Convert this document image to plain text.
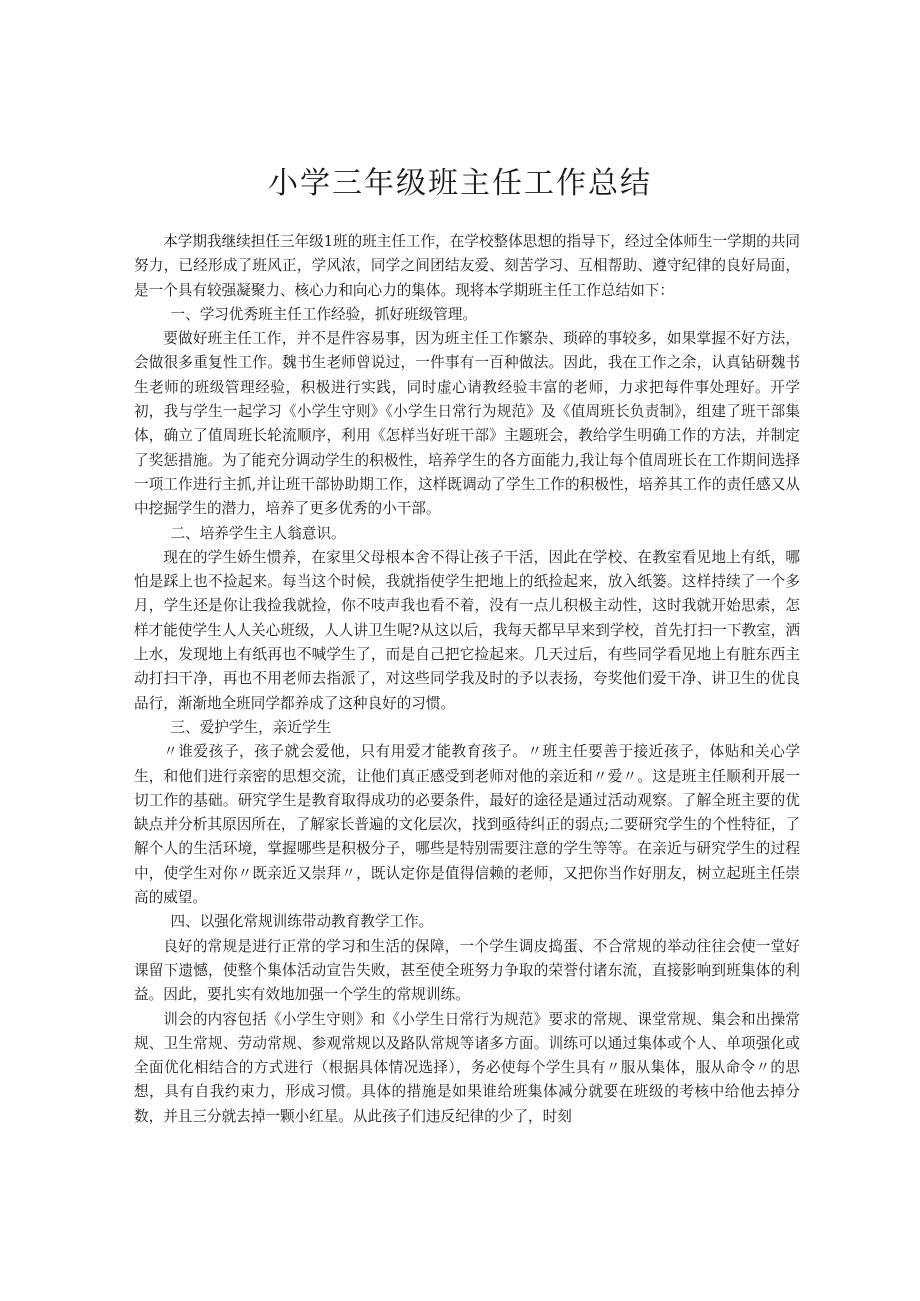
小学三年级班主任工作总结

本学期我继续担任三年级1班的班主任工作，在学校整体思想的指导下，经过全体师生一学期的共同努力，已经形成了班风正，学风浓，同学之间团结友爱、刻苦学习、互相帮助、遵守纪律的良好局面，是一个具有较强凝聚力、核心力和向心力的集体。现将本学期班主任工作总结如下：

一、学习优秀班主任工作经验，抓好班级管理。

要做好班主任工作，并不是件容易事，因为班主任工作繁杂、琐碎的事较多，如果掌握不好方法，会做很多重复性工作。魏书生老师曾说过，一件事有一百种做法。因此，我在工作之余，认真钻研魏书生老师的班级管理经验，积极进行实践，同时虚心请教经验丰富的老师，力求把每件事处理好。开学初，我与学生一起学习《小学生守则》《小学生日常行为规范》及《值周班长负责制》，组建了班干部集体，确立了值周班长轮流顺序，利用《怎样当好班干部》主题班会，教给学生明确工作的方法，并制定了奖惩措施。为了能充分调动学生的积极性，培养学生的各方面能力,我让每个值周班长在工作期间选择一项工作进行主抓,并让班干部协助期工作，这样既调动了学生工作的积极性，培养其工作的责任感又从中挖掘学生的潜力，培养了更多优秀的小干部。

二、培养学生主人翁意识。

现在的学生娇生惯养，在家里父母根本舍不得让孩子干活，因此在学校、在教室看见地上有纸，哪怕是踩上也不捡起来。每当这个时候，我就指使学生把地上的纸捡起来，放入纸篓。这样持续了一个多月，学生还是你让我捡我就捡，你不吱声我也看不着，没有一点儿积极主动性，这时我就开始思索，怎样才能使学生人人关心班级，人人讲卫生呢?从这以后，我每天都早早来到学校，首先打扫一下教室，洒上水，发现地上有纸再也不喊学生了，而是自己把它捡起来。几天过后，有些同学看见地上有脏东西主动打扫干净，再也不用老师去指派了，对这些同学我及时的予以表扬，夸奖他们爱干净、讲卫生的优良品行，渐渐地全班同学都养成了这种良好的习惯。

三、爱护学生，亲近学生

〃谁爱孩子，孩子就会爱他，只有用爱才能教育孩子。〃班主任要善于接近孩子，体贴和关心学生，和他们进行亲密的思想交流，让他们真正感受到老师对他的亲近和〃爱〃。这是班主任顺利开展一切工作的基础。研究学生是教育取得成功的必要条件，最好的途径是通过活动观察。了解全班主要的优缺点并分析其原因所在，了解家长普遍的文化层次，找到亟待纠正的弱点;二要研究学生的个性特征，了解个人的生活环境，掌握哪些是积极分子，哪些是特别需要注意的学生等等。在亲近与研究学生的过程中，使学生对你〃既亲近又崇拜〃，既认定你是值得信赖的老师，又把你当作好朋友，树立起班主任崇高的威望。

四、以强化常规训练带动教育教学工作。

良好的常规是进行正常的学习和生活的保障，一个学生调皮捣蛋、不合常规的举动往往会使一堂好课留下遗憾，使整个集体活动宣告失败，甚至使全班努力争取的荣誉付诸东流，直接影响到班集体的利益。因此，要扎实有效地加强一个学生的常规训练。

训会的内容包括《小学生守则》和《小学生日常行为规范》要求的常规、课堂常规、集会和出操常规、卫生常规、劳动常规、参观常规以及路队常规等诸多方面。训练可以通过集体或个人、单项强化或全面优化相结合的方式进行（根据具体情况选择），务必使每个学生具有〃服从集体，服从命令〃的思想，具有自我约束力，形成习惯。具体的措施是如果谁给班集体减分就要在班级的考核中给他去掉分数，并且三分就去掉一颗小红星。从此孩子们违反纪律的少了，时刻
